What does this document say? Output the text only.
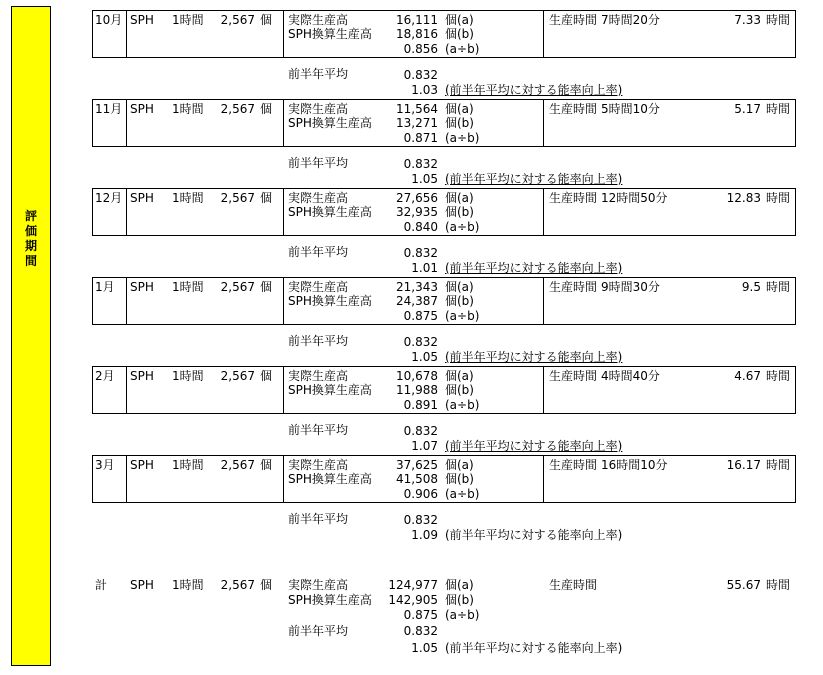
評
価
期
間
10月 SPH 1時間	2,567 個 実際生産高	16,111 個(a)	生産時間 7時間20分	7.33 時間
SPH換算生産高	18,816 個(b)
0.856 (a÷b)
前半年平均	0.832
1.03 (前半年平均に対する能率向上率)
11月 SPH 1時間	2,567 個 実際生産高	11,564 個(a)	生産時間 5時間10分	5.17 時間
SPH換算生産高	13,271 個(b)
0.871 (a÷b)
前半年平均	0.832
1.05 (前半年平均に対する能率向上率)
12月 SPH 1時間	2,567 個 実際生産高	27,656 個(a)	生産時間 12時間50分	12.83 時間
SPH換算生産高	32,935 個(b)
0.840 (a÷b)
前半年平均	0.832
1.01 (前半年平均に対する能率向上率)
1月 SPH 1時間	2,567 個 実際生産高	21,343 個(a)	生産時間 9時間30分	9.5 時間
SPH換算生産高	24,387 個(b)
0.875 (a÷b)
前半年平均	0.832
1.05 (前半年平均に対する能率向上率)
2月 SPH 1時間	2,567 個 実際生産高	10,678 個(a)	生産時間 4時間40分	4.67 時間
SPH換算生産高	11,988 個(b)
0.891 (a÷b)
前半年平均	0.832
1.07 (前半年平均に対する能率向上率)
3月 SPH 1時間	2,567 個 実際生産高	37,625 個(a)	生産時間 16時間10分	16.17 時間
SPH換算生産高	41,508 個(b)
0.906 (a÷b)
前半年平均	0.832
1.09 (前半年平均に対する能率向上率)
計 SPH 1時間	2,567 個 実際生産高	124,977 個(a)	生産時間	55.67 時間
SPH換算生産高	142,905 個(b)
0.875 (a÷b)
前半年平均	0.832
1.05 (前半年平均に対する能率向上率)
